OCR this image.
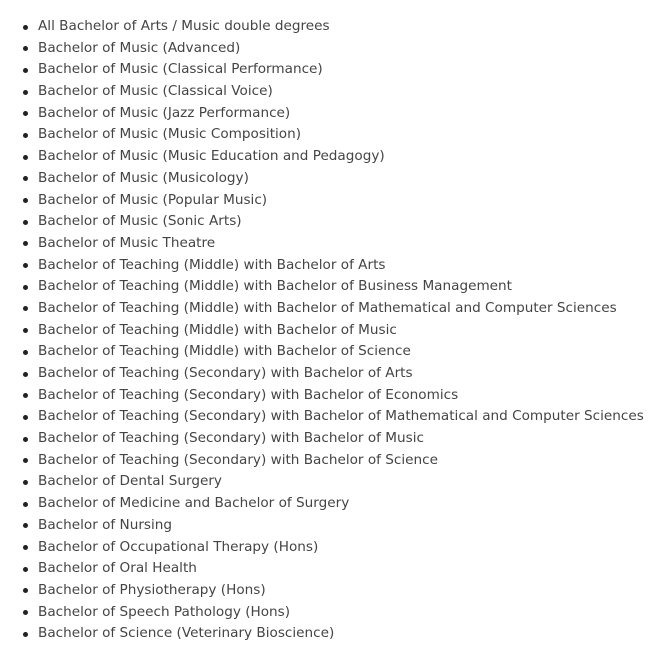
All Bachelor of Arts / Music double degrees
Bachelor of Music (Advanced)
Bachelor of Music (Classical Performance)
Bachelor of Music (Classical Voice)
Bachelor of Music (Jazz Performance)
Bachelor of Music (Music Composition)
Bachelor of Music (Music Education and Pedagogy)
Bachelor of Music (Musicology)
Bachelor of Music (Popular Music)
Bachelor of Music (Sonic Arts)
Bachelor of Music Theatre
Bachelor of Teaching (Middle) with Bachelor of Arts
Bachelor of Teaching (Middle) with Bachelor of Business Management
Bachelor of Teaching (Middle) with Bachelor of Mathematical and Computer Sciences
Bachelor of Teaching (Middle) with Bachelor of Music
Bachelor of Teaching (Middle) with Bachelor of Science
Bachelor of Teaching (Secondary) with Bachelor of Arts
Bachelor of Teaching (Secondary) with Bachelor of Economics
Bachelor of Teaching (Secondary) with Bachelor of Mathematical and Computer Sciences
Bachelor of Teaching (Secondary) with Bachelor of Music
Bachelor of Teaching (Secondary) with Bachelor of Science
Bachelor of Dental Surgery
Bachelor of Medicine and Bachelor of Surgery
Bachelor of Nursing
Bachelor of Occupational Therapy (Hons)
Bachelor of Oral Health
Bachelor of Physiotherapy (Hons)
Bachelor of Speech Pathology (Hons)
Bachelor of Science (Veterinary Bioscience)
